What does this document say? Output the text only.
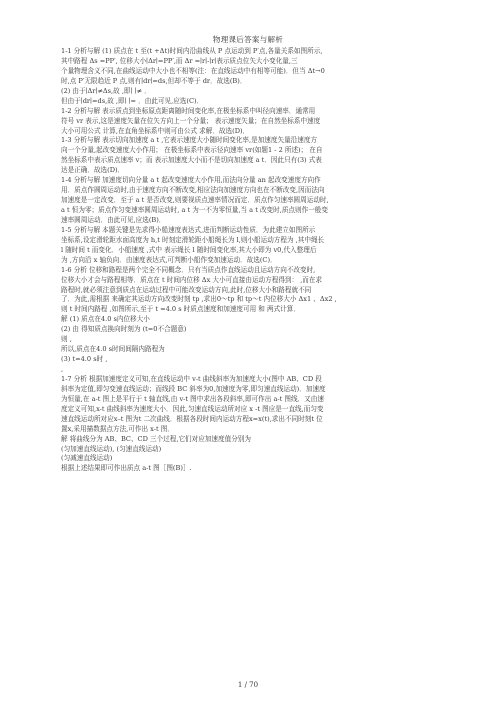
物理课后答案与解析
1-1 分析与解 (1) 质点在 t 至(t +Δt)时间内沿曲线从 P 点运动到 P′点,各量关系如图所示,
其中路程 Δs =PP′, 位移大小∣Δr∣=PP′,而 Δr =∣r∣-∣r∣表示质点位矢大小变化量,三
个量物理含义不同,在曲线运动中大小也不相等(注：在直线运动中有相等可能)．但当 Δt→0
时,点 P′无限趋近 P 点,则有∣dr∣=ds,但却不等于 dr．故选(B)．
(2) 由于∣Δr∣≠Δs,故 ,即∣ ∣≠ ．
但由于∣dr∣=ds,故 ,即∣ ∣= ．由此可见,应选(C)．
1-2 分析与解 表示质点到坐标原点距离随时间变化率,在极坐标系中叫径向速率．通常用
符号 vr 表示,这是速度矢量在位矢方向上一个分量； 表示速度矢量；在自然坐标系中速度
大小可用公式 计算,在直角坐标系中则可由公式 求解．故选(D)．
1-3 分析与解 表示切向加速度 a t ,它表示速度大小随时间变化率,是加速度矢量沿速度方
向一个分量,起改变速度大小作用； 在极坐标系中表示径向速率 vr(如题1 - 2 所述)； 在自
然坐标系中表示质点速率 v；而 表示加速度大小而不是切向加速度 a t．因此只有(3) 式表
达是正确．故选(D)．
1-4 分析与解 加速度切向分量 a t 起改变速度大小作用,而法向分量 an 起改变速度方向作
用．质点作圆周运动时,由于速度方向不断改变,相应法向加速度方向也在不断改变,因而法向
加速度是一定改变．至于 a t 是否改变,则要视质点速率情况而定．质点作匀速率圆周运动时,
a t 恒为零；质点作匀变速率圆周运动时, a t 为一不为零恒量,当 a t 改变时,质点则作一般变
速率圆周运动．由此可见,应选(B)．
1-5 分析与解 本题关键是先求得小船速度表达式,进而判断运动性质．为此建立如图所示
坐标系,设定滑轮距水面高度为 h,t 时刻定滑轮距小船绳长为 l,则小船运动方程为 ,其中绳长
l 随时间 t 而变化．小船速度 ,式中 表示绳长 l 随时间变化率,其大小即为 v0,代入整理后
为 ,方向沿 x 轴负向．由速度表达式,可判断小船作变加速运动．故选(C)．
1-6 分析 位移和路程是两个完全不同概念．只有当质点作直线运动且运动方向不改变时,
位移大小才会与路程相等．质点在 t 时间内位移 Δx 大小可直接由运动方程得到： ,而在求
路程时,就必须注意到质点在运动过程中可能改变运动方向,此时,位移大小和路程就不同
了．为此,需根据 来确定其运动方向改变时刻 tp ,求出0～tp 和 tp～t 内位移大小 Δx1 、Δx2 ,
则 t 时间内路程 ,如图所示,至于 t =4.0 s 时质点速度和加速度可用 和 两式计算．
解 (1) 质点在4.0 s内位移大小
(2) 由 得知质点换向时刻为 (t=0不合题意)
则 ,
所以,质点在4.0 s时间间隔内路程为
(3) t=4.0 s时 ,
,
1-7 分析 根据加速度定义可知,在直线运动中 v-t 曲线斜率为加速度大小(图中 AB、CD 段
斜率为定值,即匀变速直线运动；而线段 BC 斜率为0,加速度为零,即匀速直线运动)．加速度
为恒量,在 a-t 图上是平行于 t 轴直线,由 v-t 图中求出各段斜率,即可作出 a-t 图线．又由速
度定义可知,x-t 曲线斜率为速度大小．因此,匀速直线运动所对应 x -t 图应是一直线,而匀变
速直线运动所对应x–t 图为t 二次曲线．根据各段时间内运动方程x=x(t),求出不同时刻t 位
置x,采用描数据点方法,可作出 x-t 图．
解 将曲线分为 AB、BC、CD 三个过程,它们对应加速度值分别为
(匀加速直线运动), (匀速直线运动)
(匀减速直线运动)
根据上述结果即可作出质点 a-t 图［图(B)］.
1 / 70
